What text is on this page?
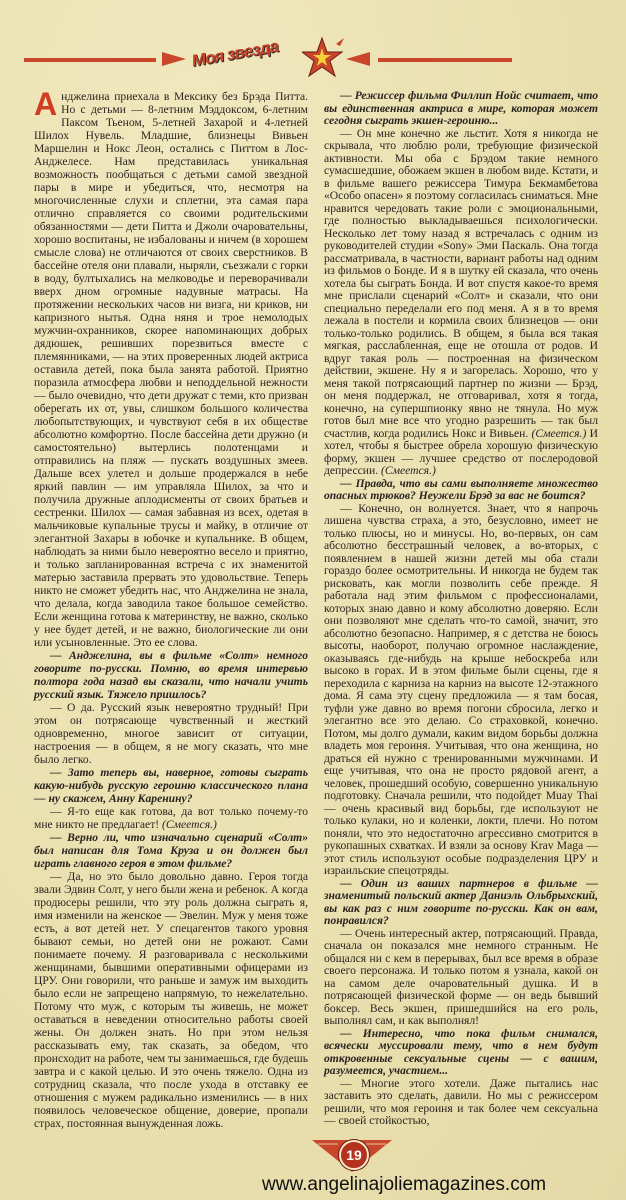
Моя звезда

Анджелина приехала в Мексику без Брэда Питта. Но с детьми — 8-летним Мэддоксом, 6-летним Паксом Тьеном, 5-летней Захарой и 4-летней Шилох Нувель. Младшие, близнецы Вивьен Маршелин и Нокс Леон, остались с Питтом в Лос-Анджелесе. Нам представилась уникальная возможность пообщаться с детьми самой звездной пары в мире и убедиться, что, несмотря на многочисленные слухи и сплетни, эта самая пара отлично справляется со своими родительскими обязанностями — дети Питта и Джоли очаровательны, хорошо воспитаны, не избалованы и ничем (в хорошем смысле слова) не отличаются от своих сверстников. В бассейне отеля они плавали, ныряли, съезжали с горки в воду, бултыхались на мелководье и переворачивали вверх дном огромные надувные матрасы. На протяжении нескольких часов ни визга, ни криков, ни капризного нытья. Одна няня и трое немолодых мужчин-охранников, скорее напоминающих добрых дядюшек, решивших порезвиться вместе с племянниками, — на этих проверенных людей актриса оставила детей, пока была занята работой. Приятно поразила атмосфера любви и неподдельной нежности — было очевидно, что дети дружат с теми, кто призван оберегать их от, увы, слишком большого количества любопытствующих, и чувствуют себя в их обществе абсолютно комфортно. После бассейна дети дружно (и самостоятельно) вытерлись полотенцами и отправились на пляж — пускать воздушных змеев. Дальше всех улетел и дольше продержался в небе яркий павлин — им управляла Шилох, за что и получила дружные аплодисменты от своих братьев и сестренки. Шилох — самая забавная из всех, одетая в мальчиковые купальные трусы и майку, в отличие от элегантной Захары в юбочке и купальнике. В общем, наблюдать за ними было невероятно весело и приятно, и только запланированная встреча с их знаменитой матерью заставила прервать это удовольствие. Теперь никто не сможет убедить нас, что Анджелина не знала, что делала, когда заводила такое большое семейство. Если женщина готова к материнству, не важно, сколько у нее будет детей, и не важно, биологические ли они или усыновленные. Это ее слова.

— Анджелина, вы в фильме «Солт» немного говорите по-русски. Помню, во время интервью полтора года назад вы сказали, что начали учить русский язык. Тяжело пришлось?

— О да. Русский язык невероятно трудный! При этом он потрясающе чувственный и жесткий одновременно, многое зависит от ситуации, настроения — в общем, я не могу сказать, что мне было легко.

— Зато теперь вы, наверное, готовы сыграть какую-нибудь русскую героиню классического плана — ну скажем, Анну Каренину?

— Я-то еще как готова, да вот только почему-то мне никто не предлагает! (Смеется.)

— Верно ли, что изначально сценарий «Солт» был написан для Тома Круза и он должен был играть главного героя в этом фильме?

— Да, но это было довольно давно. Героя тогда звали Эдвин Солт, у него были жена и ребенок. А когда продюсеры решили, что эту роль должна сыграть я, имя изменили на женское — Эвелин. Муж у меня тоже есть, а вот детей нет. У спецагентов такого уровня бывают семьи, но детей они не рожают. Сами понимаете почему. Я разговаривала с несколькими женщинами, бывшими оперативными офицерами из ЦРУ. Они говорили, что раньше и замуж им выходить было если не запрещено напрямую, то нежелательно. Потому что муж, с которым ты живешь, не может оставаться в неведении относительно работы своей жены. Он должен знать. Но при этом нельзя рассказывать ему, так сказать, за обедом, что происходит на работе, чем ты занимаешься, где будешь завтра и с какой целью. И это очень тяжело. Одна из сотрудниц сказала, что после ухода в отставку ее отношения с мужем радикально изменились — в них появилось человеческое общение, доверие, пропали страх, постоянная вынужденная ложь.

— Режиссер фильма Филлип Нойс считает, что вы единственная актриса в мире, которая может сегодня сыграть экшен-героиню...

— Он мне конечно же льстит. Хотя я никогда не скрывала, что люблю роли, требующие физической активности. Мы оба с Брэдом такие немного сумасшедшие, обожаем экшен в любом виде. Кстати, и в фильме вашего режиссера Тимура Бекмамбетова «Особо опасен» я поэтому согласилась сниматься. Мне нравится чередовать такие роли с эмоциональными, где полностью выкладываешься психологически. Несколько лет тому назад я встречалась с одним из руководителей студии «Sony» Эми Паскаль. Она тогда рассматривала, в частности, вариант работы над одним из фильмов о Бонде. И я в шутку ей сказала, что очень хотела бы сыграть Бонда. И вот спустя какое-то время мне прислали сценарий «Солт» и сказали, что они специально переделали его под меня. А я в то время лежала в постели и кормила своих близнецов — они только-только родились. В общем, я была вся такая мягкая, расслабленная, еще не отошла от родов. И вдруг такая роль — построенная на физическом действии, экшене. Ну я и загорелась. Хорошо, что у меня такой потрясающий партнер по жизни — Брэд, он меня поддержал, не отговаривал, хотя я тогда, конечно, на супершпионку явно не тянула. Но муж готов был мне все что угодно разрешить — так был счастлив, когда родились Нокс и Вивьен. (Смеется.) И хотел, чтобы я быстрее обрела хорошую физическую форму, экшен — лучшее средство от послеродовой депрессии. (Смеется.)

— Правда, что вы сами выполняете множество опасных трюков? Неужели Брэд за вас не боится?

— Конечно, он волнуется. Знает, что я напрочь лишена чувства страха, а это, безусловно, имеет не только плюсы, но и минусы. Но, во-первых, он сам абсолютно бесстрашный человек, а во-вторых, с появлением в нашей жизни детей мы оба стали гораздо более осмотрительны. И никогда не будем так рисковать, как могли позволить себе прежде. Я работала над этим фильмом с профессионалами, которых знаю давно и кому абсолютно доверяю. Если они позволяют мне сделать что-то самой, значит, это абсолютно безопасно. Например, я с детства не боюсь высоты, наоборот, получаю огромное наслаждение, оказываясь где-нибудь на крыше небоскреба или высоко в горах. И в этом фильме были сцены, где я переходила с карниза на карниз на высоте 12-этажного дома. Я сама эту сцену предложила — я там босая, туфли уже давно во время погони сбросила, легко и элегантно все это делаю. Со страховкой, конечно. Потом, мы долго думали, каким видом борьбы должна владеть моя героиня. Учитывая, что она женщина, но драться ей нужно с тренированными мужчинами. И еще учитывая, что она не просто рядовой агент, а человек, прошедший особую, совершенно уникальную подготовку. Сначала решили, что подойдет Muay Thai — очень красивый вид борьбы, где используют не только кулаки, но и коленки, локти, плечи. Но потом поняли, что это недостаточно агрессивно смотрится в рукопашных схватках. И взяли за основу Krav Maga — этот стиль используют особые подразделения ЦРУ и израильские спецотряды.

— Один из ваших партнеров в фильме — знаменитый польский актер Даниэль Ольбрыхский, вы как раз с ним говорите по-русски. Как он вам, понравился?

— Очень интересный актер, потрясающий. Правда, сначала он показался мне немного странным. Не общался ни с кем в перерывах, был все время в образе своего персонажа. И только потом я узнала, какой он на самом деле очаровательный душка. И в потрясающей физической форме — он ведь бывший боксер. Весь экшен, пришедшийся на его роль, выполнял сам, и как выполнял!

— Интересно, что пока фильм снимался, всячески муссировали тему, что в нем будут откровенные сексуальные сцены — с вашим, разумеется, участием...

— Многие этого хотели. Даже пытались нас заставить это сделать, давили. Но мы с режиссером решили, что моя героиня и так более чем сексуальна — своей стойкостью,

19
www.angelinajoliemagazines.com
